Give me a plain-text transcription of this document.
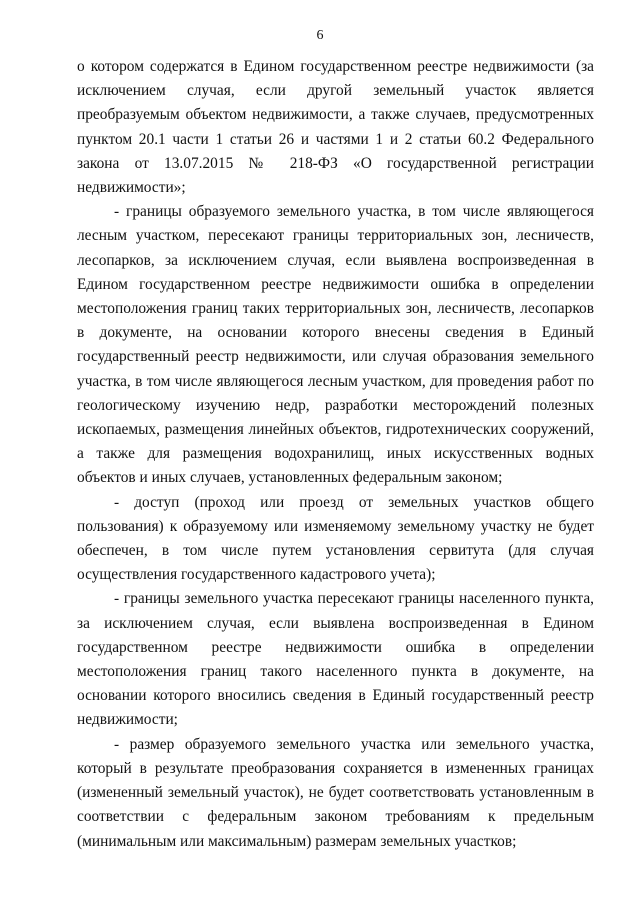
6

о котором содержатся в Едином государственном реестре недвижимости (за исключением случая, если другой земельный участок является преобразуемым объектом недвижимости, а также случаев, предусмотренных пунктом 20.1 части 1 статьи 26 и частями 1 и 2 статьи 60.2 Федерального закона от 13.07.2015 № 218-ФЗ «О государственной регистрации недвижимости»;

- границы образуемого земельного участка, в том числе являющегося лесным участком, пересекают границы территориальных зон, лесничеств, лесопарков, за исключением случая, если выявлена воспроизведенная в Едином государственном реестре недвижимости ошибка в определении местоположения границ таких территориальных зон, лесничеств, лесопарков в документе, на основании которого внесены сведения в Единый государственный реестр недвижимости, или случая образования земельного участка, в том числе являющегося лесным участком, для проведения работ по геологическому изучению недр, разработки месторождений полезных ископаемых, размещения линейных объектов, гидротехнических сооружений, а также для размещения водохранилищ, иных искусственных водных объектов и иных случаев, установленных федеральным законом;

- доступ (проход или проезд от земельных участков общего пользования) к образуемому или изменяемому земельному участку не будет обеспечен, в том числе путем установления сервитута (для случая осуществления государственного кадастрового учета);

- границы земельного участка пересекают границы населенного пункта, за исключением случая, если выявлена воспроизведенная в Едином государственном реестре недвижимости ошибка в определении местоположения границ такого населенного пункта в документе, на основании которого вносились сведения в Единый государственный реестр недвижимости;

- размер образуемого земельного участка или земельного участка, который в результате преобразования сохраняется в измененных границах (измененный земельный участок), не будет соответствовать установленным в соответствии с федеральным законом требованиям к предельным (минимальным или максимальным) размерам земельных участков;
